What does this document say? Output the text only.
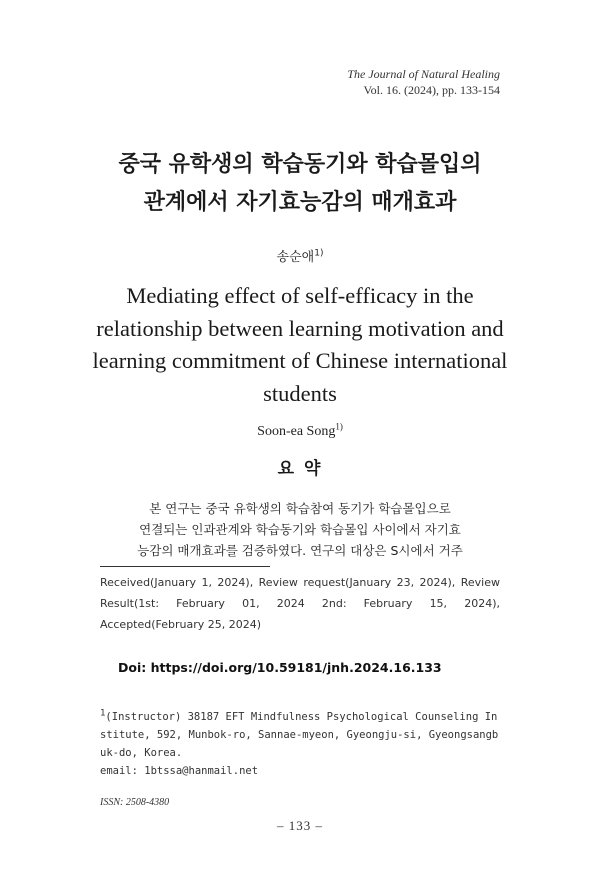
The Journal of Natural Healing
Vol. 16. (2024), pp. 133-154
중국 유학생의 학습동기와 학습몰입의
관계에서 자기효능감의 매개효과
송순애$^{1)}$
Mediating effect of self-efficacy in the
relationship between learning motivation and
learning commitment of Chinese international
students
Soon-ea Song$^{1)}$
요 약
본 연구는 중국 유학생의 학습참여 동기가 학습몰입으로
연결되는 인과관계와 학습동기와 학습몰입 사이에서 자기효
능감의 매개효과를 검증하였다. 연구의 대상은 S시에서 거주
Received(January 1, 2024), Review request(January 23, 2024), Review Result(1st: February 01, 2024 2nd: February 15, 2024), Accepted(February 25, 2024)
Doi: https://doi.org/10.59181/jnh.2024.16.133
$^1$(Instructor) 38187 EFT Mindfulness Psychological Counseling Institute, 592, Munbok-ro, Sannae-myeon, Gyeongju-si, Gyeongsangbuk-do, Korea.
email: 1btssa@hanmail.net
ISSN: 2508-4380
– 133 –
